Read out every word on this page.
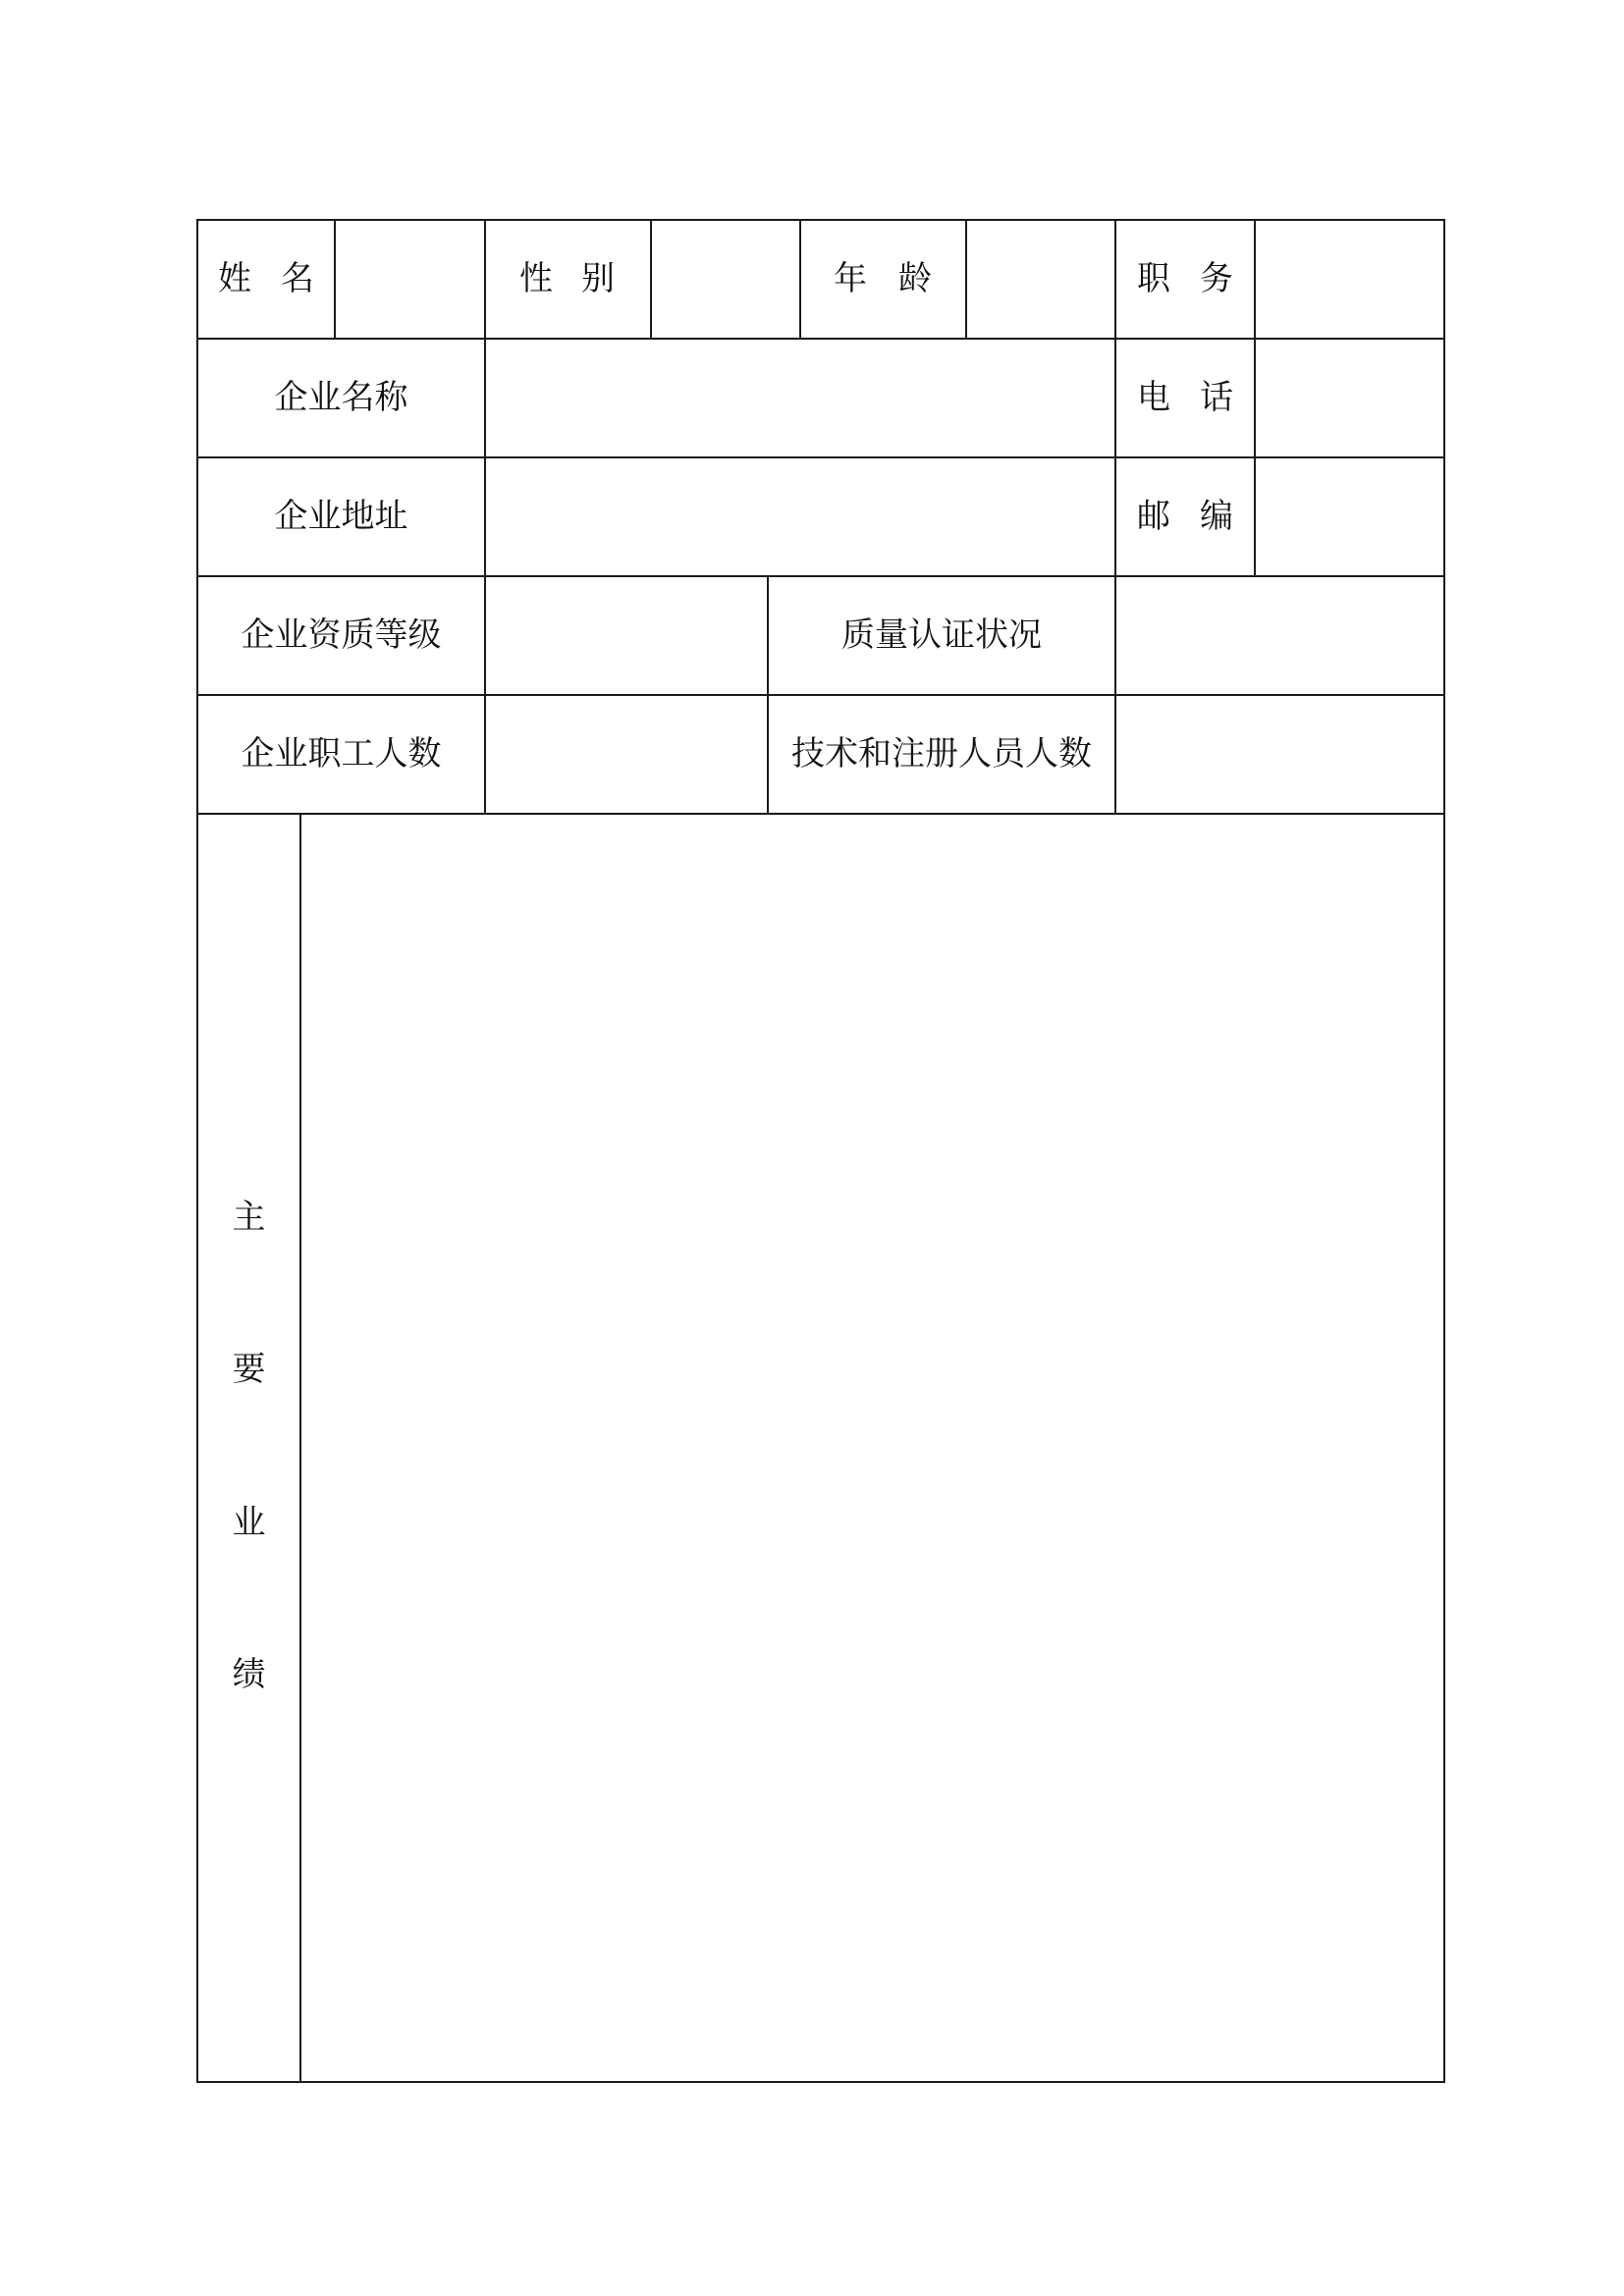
姓 名	性 别	年 龄	职 务
企业名称	电 话
企业地址	邮 编
企业资质等级	质量认证状况
企业职工人数	技术和注册人员人数
主
要
业
绩
